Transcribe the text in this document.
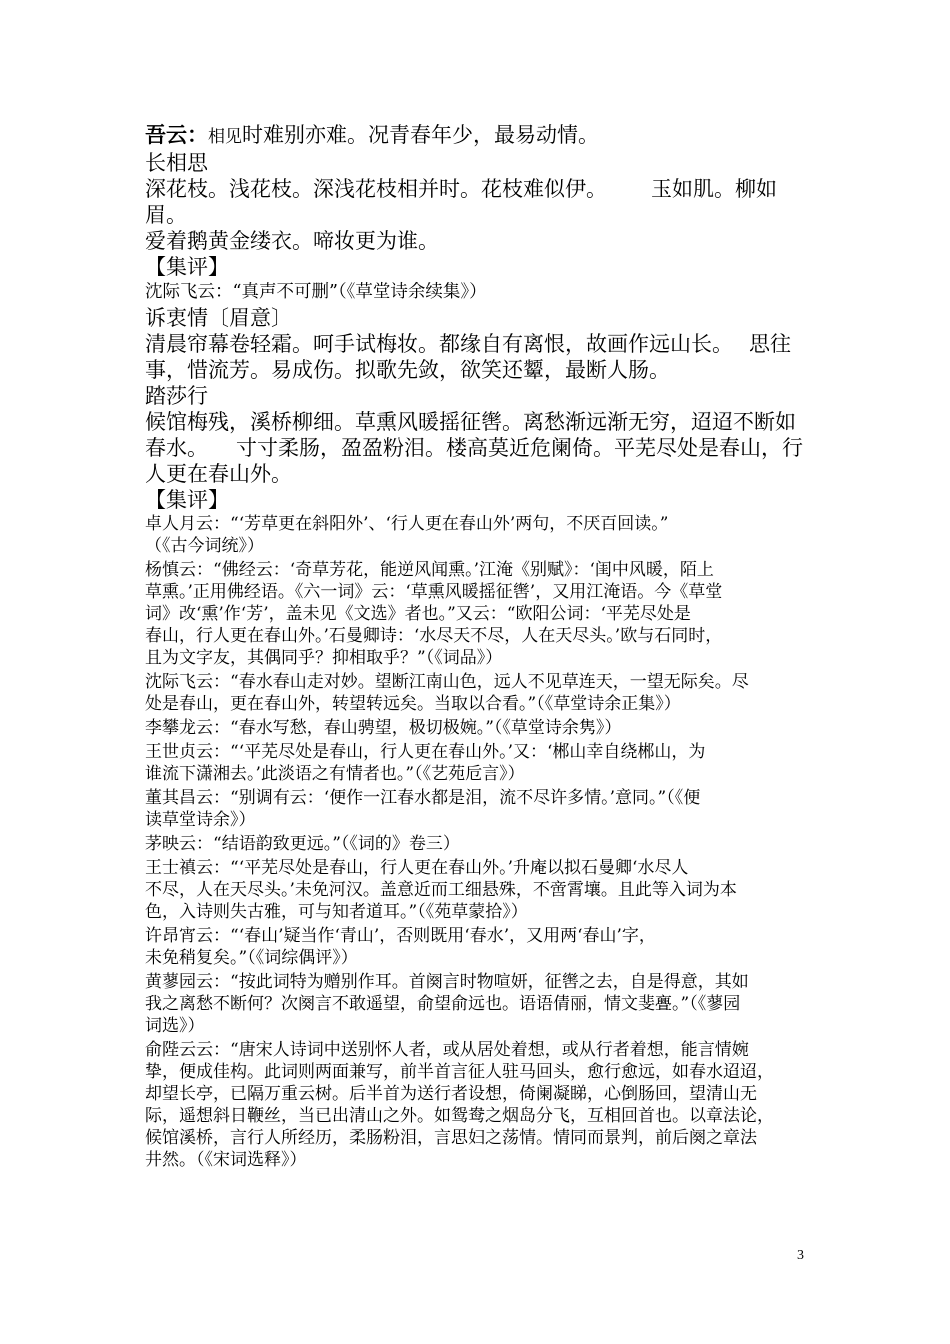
吾云：相见时难别亦难。况青春年少，最易动情。

长相思

深花枝。浅花枝。深浅花枝相并时。花枝难似伊。 玉如肌。柳如眉。

爱着鹅黄金缕衣。啼妆更为谁。

【集评】

沈际飞云：“真声不可删”（《草堂诗余续集》）

诉衷情〔眉意〕

清晨帘幕卷轻霜。呵手试梅妆。都缘自有离恨，故画作远山长。 思往

事，惜流芳。易成伤。拟歌先敛，欲笑还颦，最断人肠。

踏莎行

候馆梅残，溪桥柳细。草熏风暖摇征辔。离愁渐远渐无穷，迢迢不断如

春水。 寸寸柔肠，盈盈粉泪。楼高莫近危阑倚。平芜尽处是春山，行

人更在春山外。

【集评】

卓人月云：“‘芳草更在斜阳外’、‘行人更在春山外’两句，不厌百回读。”
（《古今词统》）
杨慎云：“佛经云：‘奇草芳花，能逆风闻熏。’江淹《别赋》：‘闺中风暖，陌上
草熏。’正用佛经语。《六一词》云：‘草熏风暖摇征辔’，又用江淹语。今《草堂
词》改‘熏’作‘芳’，盖未见《文选》者也。”又云：“欧阳公词：‘平芜尽处是
春山，行人更在春山外。’石曼卿诗：‘水尽天不尽，人在天尽头。’欧与石同时，
且为文字友，其偶同乎？抑相取乎？”（《词品》）
沈际飞云：“春水春山走对妙。望断江南山色，远人不见草连天，一望无际矣。尽
处是春山，更在春山外，转望转远矣。当取以合看。”（《草堂诗余正集》）
李攀龙云：“春水写愁，春山骋望，极切极婉。”（《草堂诗余隽》）
王世贞云：“‘平芜尽处是春山，行人更在春山外。’又：‘郴山幸自绕郴山，为
谁流下潇湘去。’此淡语之有情者也。”（《艺苑卮言》）
董其昌云：“别调有云：‘便作一江春水都是泪，流不尽许多情。’意同。”（《便
读草堂诗余》）
茅映云：“结语韵致更远。”（《词的》卷三）
王士禛云：“‘平芜尽处是春山，行人更在春山外。’升庵以拟石曼卿‘水尽人
不尽，人在天尽头。’未免河汉。盖意近而工细悬殊，不啻霄壤。且此等入词为本
色，入诗则失古雅，可与知者道耳。”（《苑草蒙拾》）
许昂宵云：“‘春山’疑当作‘青山’，否则既用‘春水’，又用两‘春山’字，
未免稍复矣。”（《词综偶评》）
黄蓼园云：“按此词特为赠别作耳。首阕言时物喧妍，征辔之去，自是得意，其如
我之离愁不断何？次阕言不敢遥望，俞望俞远也。语语倩丽，情文斐亹。”（《蓼园
词选》）
俞陛云云：“唐宋人诗词中送别怀人者，或从居处着想，或从行者着想，能言情婉
挚，便成佳构。此词则两面兼写，前半首言征人驻马回头，愈行愈远，如春水迢迢，
却望长亭，已隔万重云树。后半首为送行者设想，倚阑凝睇，心倒肠回，望清山无
际，遥想斜日鞭丝，当已出清山之外。如鸳鸯之烟岛分飞，互相回首也。以章法论，
候馆溪桥，言行人所经历，柔肠粉泪，言思妇之荡情。情同而景判，前后阕之章法
井然。（《宋词选释》）
3
